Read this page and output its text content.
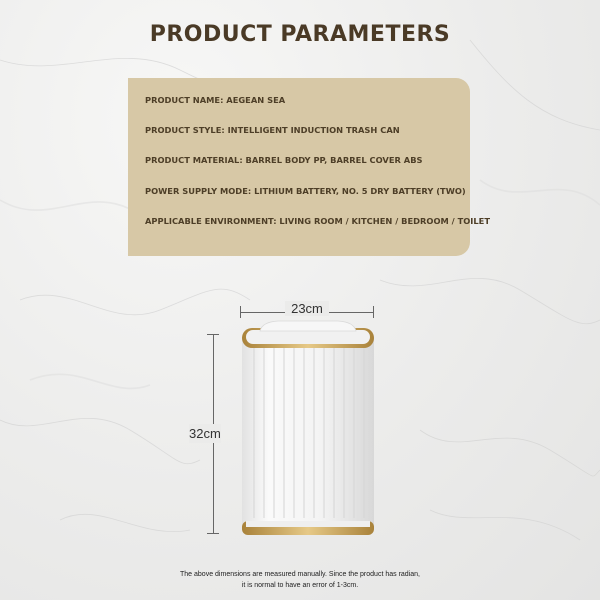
PRODUCT PARAMETERS
PRODUCT NAME: AEGEAN SEA
PRODUCT STYLE: INTELLIGENT INDUCTION TRASH CAN
PRODUCT MATERIAL: BARREL BODY PP, BARREL COVER ABS
POWER SUPPLY MODE: LITHIUM BATTERY, NO. 5 DRY BATTERY (TWO)
APPLICABLE ENVIRONMENT: LIVING ROOM / KITCHEN / BEDROOM / TOILET
23cm
32cm
The above dimensions are measured manually. Since the product has radian,
it is normal to have an error of 1-3cm.
